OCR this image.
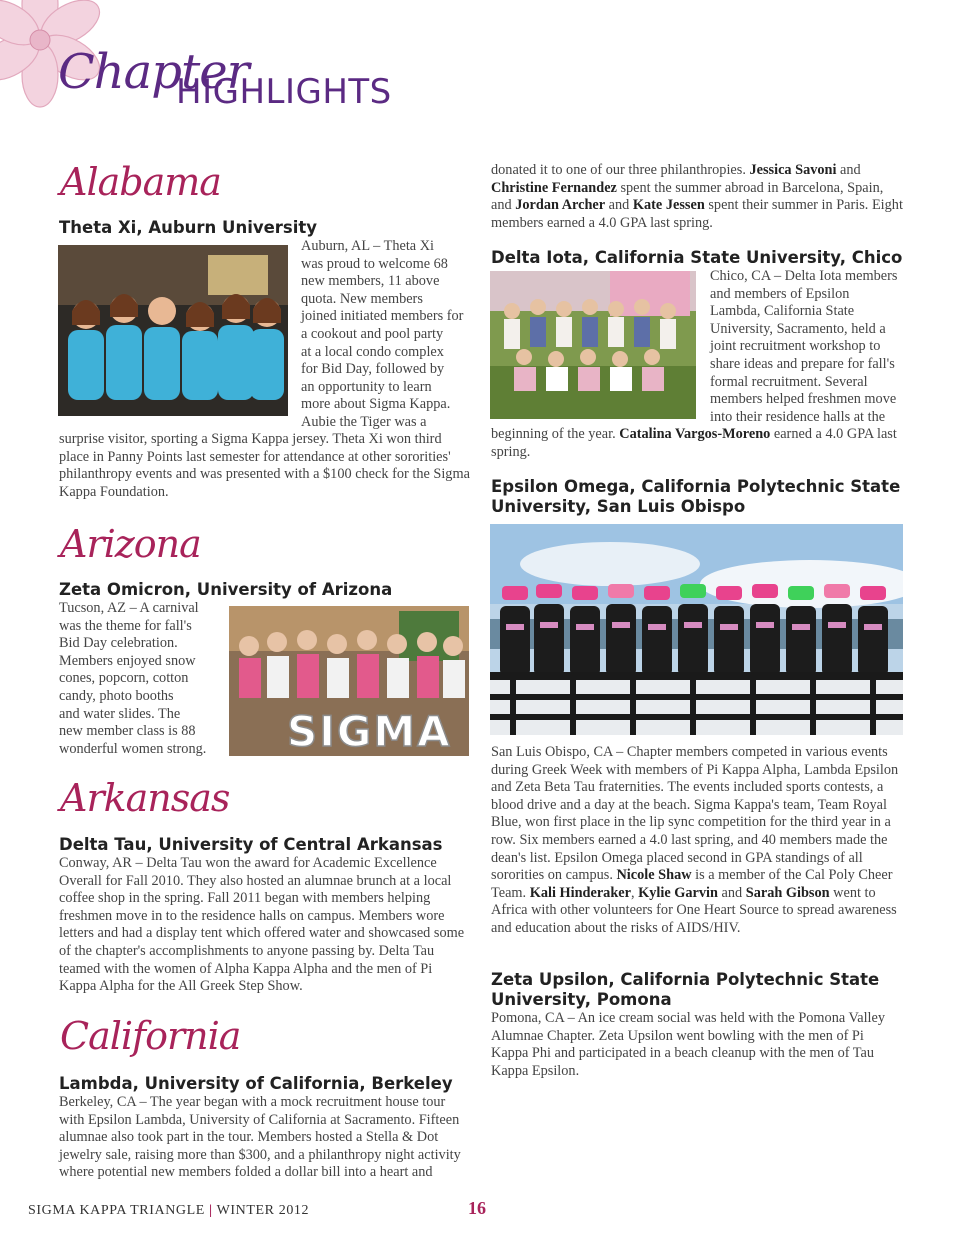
Chapter
HIGHLIGHTS
Alabama
Theta Xi, Auburn University
Auburn, AL – Theta Xi
was proud to welcome 68
new members, 11 above
quota. New members
joined initiated members for
a cookout and pool party
at a local condo complex
for Bid Day, followed by
an opportunity to learn
more about Sigma Kappa.
Aubie the Tiger was a
surprise visitor, sporting a Sigma Kappa jersey. Theta Xi won third place in Panny Points last semester for attendance at other sororities' philanthropy events and was presented with a $100 check for the Sigma Kappa Foundation.
Arizona
Zeta Omicron, University of Arizona
Tucson, AZ – A carnival
was the theme for fall's
Bid Day celebration.
Members enjoyed snow
cones, popcorn, cotton
candy, photo booths
and water slides. The
new member class is 88
wonderful women strong.	SIGMA
Arkansas
Delta Tau, University of Central Arkansas
Conway, AR – Delta Tau won the award for Academic Excellence Overall for Fall 2010. They also hosted an alumnae brunch at a local coffee shop in the spring. Fall 2011 began with members helping freshmen move in to the residence halls on campus. Members wore letters and had a display tent which offered water and showcased some of the chapter's accomplishments to anyone passing by. Delta Tau teamed with the women of Alpha Kappa Alpha and the men of Pi Kappa Alpha for the All Greek Step Show.
California
Lambda, University of California, Berkeley
Berkeley, CA – The year began with a mock recruitment house tour with Epsilon Lambda, University of California at Sacramento. Fifteen alumnae also took part in the tour. Members hosted a Stella & Dot jewelry sale, raising more than $300, and a philanthropy night activity where potential new members folded a dollar bill into a heart and
donated it to one of our three philanthropies. Jessica Savoni and Christine Fernandez spent the summer abroad in Barcelona, Spain, and Jordan Archer and Kate Jessen spent their summer in Paris. Eight members earned a 4.0 GPA last spring.
Delta Iota, California State University, Chico
Chico, CA – Delta Iota members
and members of Epsilon
Lambda, California State
University, Sacramento, held a
joint recruitment workshop to
share ideas and prepare for fall's
formal recruitment. Several
members helped freshmen move
into their residence halls at the
beginning of the year. Catalina Vargos-Moreno earned a 4.0 GPA last spring.
Epsilon Omega, California Polytechnic State University, San Luis Obispo
San Luis Obispo, CA – Chapter members competed in various events during Greek Week with members of Pi Kappa Alpha, Lambda Epsilon and Zeta Beta Tau fraternities. The events included sports contests, a blood drive and a day at the beach. Sigma Kappa's team, Team Royal Blue, won first place in the lip sync competition for the third year in a row. Six members earned a 4.0 last spring, and 40 members made the dean's list. Epsilon Omega placed second in GPA standings of all sororities on campus. Nicole Shaw is a member of the Cal Poly Cheer Team. Kali Hinderaker, Kylie Garvin and Sarah Gibson went to Africa with other volunteers for One Heart Source to spread awareness and education about the risks of AIDS/HIV.
Zeta Upsilon, California Polytechnic State University, Pomona
Pomona, CA – An ice cream social was held with the Pomona Valley Alumnae Chapter. Zeta Upsilon went bowling with the men of Pi Kappa Phi and participated in a beach cleanup with the men of Tau Kappa Epsilon.
SIGMA KAPPA TRIANGLE | WINTER 2012	16
